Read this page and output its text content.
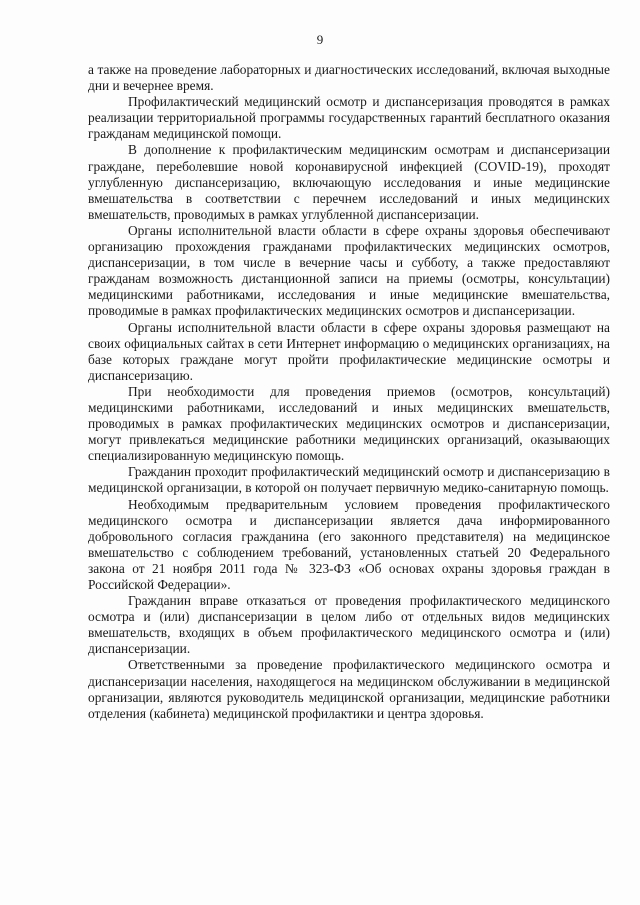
9

а также на проведение лабораторных и диагностических исследований, включая выходные дни и вечернее время.

Профилактический медицинский осмотр и диспансеризация проводятся в рамках реализации территориальной программы государственных гарантий бесплатного оказания гражданам медицинской помощи.

В дополнение к профилактическим медицинским осмотрам и диспансеризации граждане, переболевшие новой коронавирусной инфекцией (COVID-19), проходят углубленную диспансеризацию, включающую исследования и иные медицинские вмешательства в соответствии с перечнем исследований и иных медицинских вмешательств, проводимых в рамках углубленной диспансеризации.

Органы исполнительной власти области в сфере охраны здоровья обеспечивают организацию прохождения гражданами профилактических медицинских осмотров, диспансеризации, в том числе в вечерние часы и субботу, а также предоставляют гражданам возможность дистанционной записи на приемы (осмотры, консультации) медицинскими работниками, исследования и иные медицинские вмешательства, проводимые в рамках профилактических медицинских осмотров и диспансеризации.

Органы исполнительной власти области в сфере охраны здоровья размещают на своих официальных сайтах в сети Интернет информацию о медицинских организациях, на базе которых граждане могут пройти профилактические медицинские осмотры и диспансеризацию.

При необходимости для проведения приемов (осмотров, консультаций) медицинскими работниками, исследований и иных медицинских вмешательств, проводимых в рамках профилактических медицинских осмотров и диспансеризации, могут привлекаться медицинские работники медицинских организаций, оказывающих специализированную медицинскую помощь.

Гражданин проходит профилактический медицинский осмотр и диспансеризацию в медицинской организации, в которой он получает первичную медико-санитарную помощь.

Необходимым предварительным условием проведения профилактического медицинского осмотра и диспансеризации является дача информированного добровольного согласия гражданина (его законного представителя) на медицинское вмешательство с соблюдением требований, установленных статьей 20 Федерального закона от 21 ноября 2011 года № 323-ФЗ «Об основах охраны здоровья граждан в Российской Федерации».

Гражданин вправе отказаться от проведения профилактического медицинского осмотра и (или) диспансеризации в целом либо от отдельных видов медицинских вмешательств, входящих в объем профилактического медицинского осмотра и (или) диспансеризации.

Ответственными за проведение профилактического медицинского осмотра и диспансеризации населения, находящегося на медицинском обслуживании в медицинской организации, являются руководитель медицинской организации, медицинские работники отделения (кабинета) медицинской профилактики и центра здоровья.
